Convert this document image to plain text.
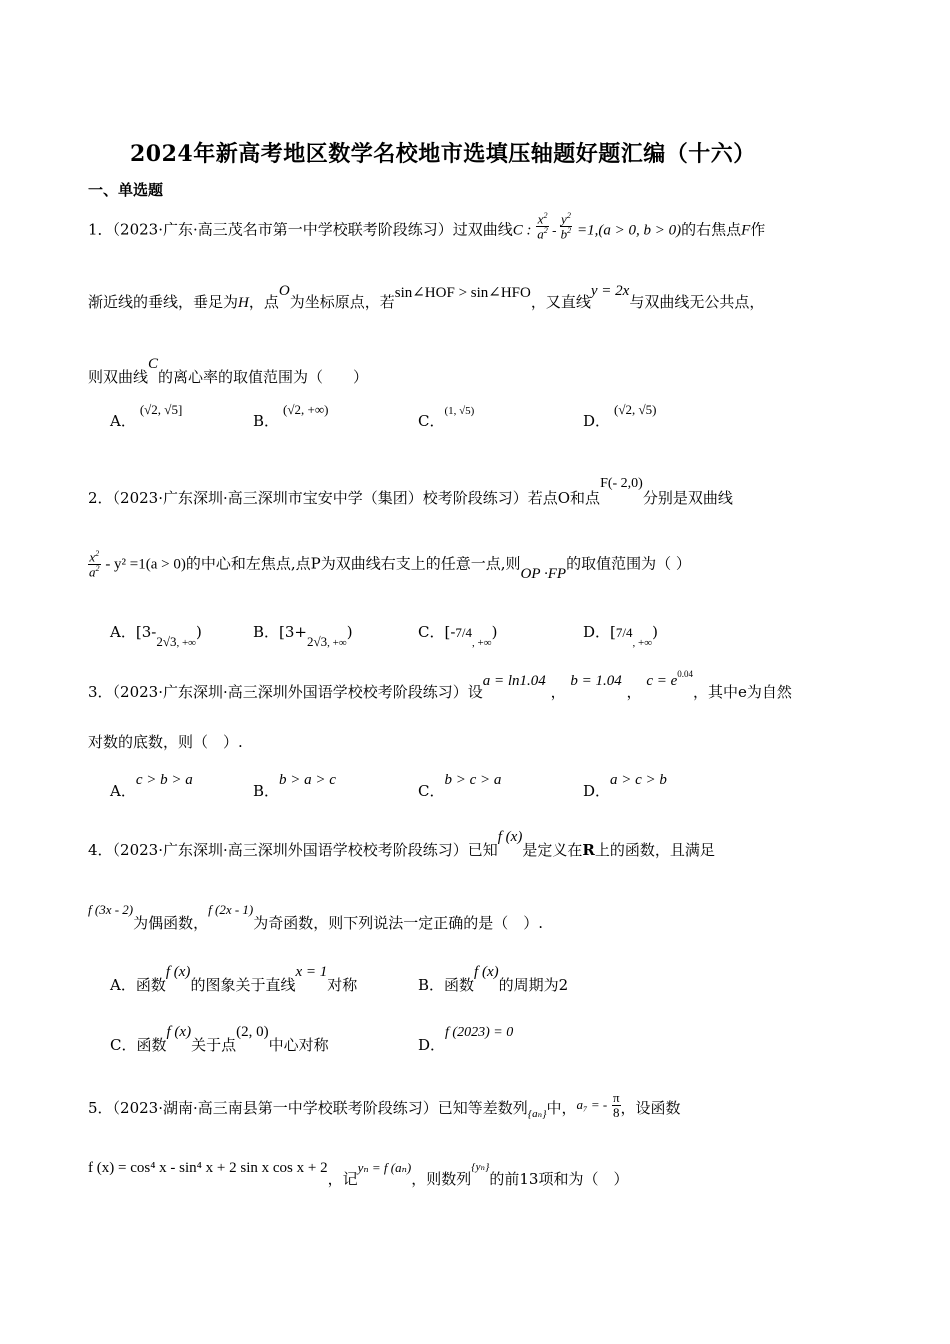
2024年新高考地区数学名校地市选填压轴题好题汇编（十六）
一、单选题
1．（2023·广东·高三茂名市第一中学校联考阶段练习）过双曲线C : $\frac{x^2}{a^2} - \frac{y^2}{b^2} =1,(a > 0$, b > 0)的右焦点F作
渐近线的垂线，垂足为H，点O为坐标原点，若sin∠HOF > sin∠HFO，又直线y = 2x与双曲线无公共点，
则双曲线C的离心率的取值范围为（　　）
A．(√2, √5]
B．(√2, +∞)
C．$^{(1, √5)}$
D．(√2, √5)
2．（2023·广东深圳·高三深圳市宝安中学（集团）校考阶段练习）若点O和点F(- 2,0)分别是双曲线
$\frac{x^2}{a^2} - y^2 =1(a > 0)$的中心和左焦点,点P为双曲线右支上的任意一点,则OP ·FP的取值范围为（ ）
A．$[3-2√3_{, +\infty})$	B．$[3+2√3_{, +\infty})$	C．$[-7/4_{, +\infty})$	D．$[7/4_{, +\infty})$
3．（2023·广东深圳·高三深圳外国语学校校考阶段练习）设a = ln1.04 ， b = 1.04 ， $c = e^{0.04}$，其中e为自然
对数的底数，则（　）.
A．c > b > a
B．b > a > c
C．b > c > a
D．a > c > b
4．（2023·广东深圳·高三深圳外国语学校校考阶段练习）已知f (x)是定义在R上的函数，且满足
f (3x - 2)为偶函数，f (2x - 1)为奇函数，则下列说法一定正确的是（　）.
A．函数f (x)的图象关于直线x = 1对称	B．函数f (x)的周期为2
C．函数f (x)关于点(2, 0)中心对称	D．f (2023) = 0
5．（2023·湖南·高三南县第一中学校联考阶段练习）已知等差数列$_{\{a_n\}}$中，a₇ = - $\frac{\pi}{8}$ ，设函数
f (x) = cos⁴ x - sin⁴ x + 2 sin x cos x + 2，记yₙ = f (aₙ)，则数列$^{\{y_n\}}$的前13项和为（　）
